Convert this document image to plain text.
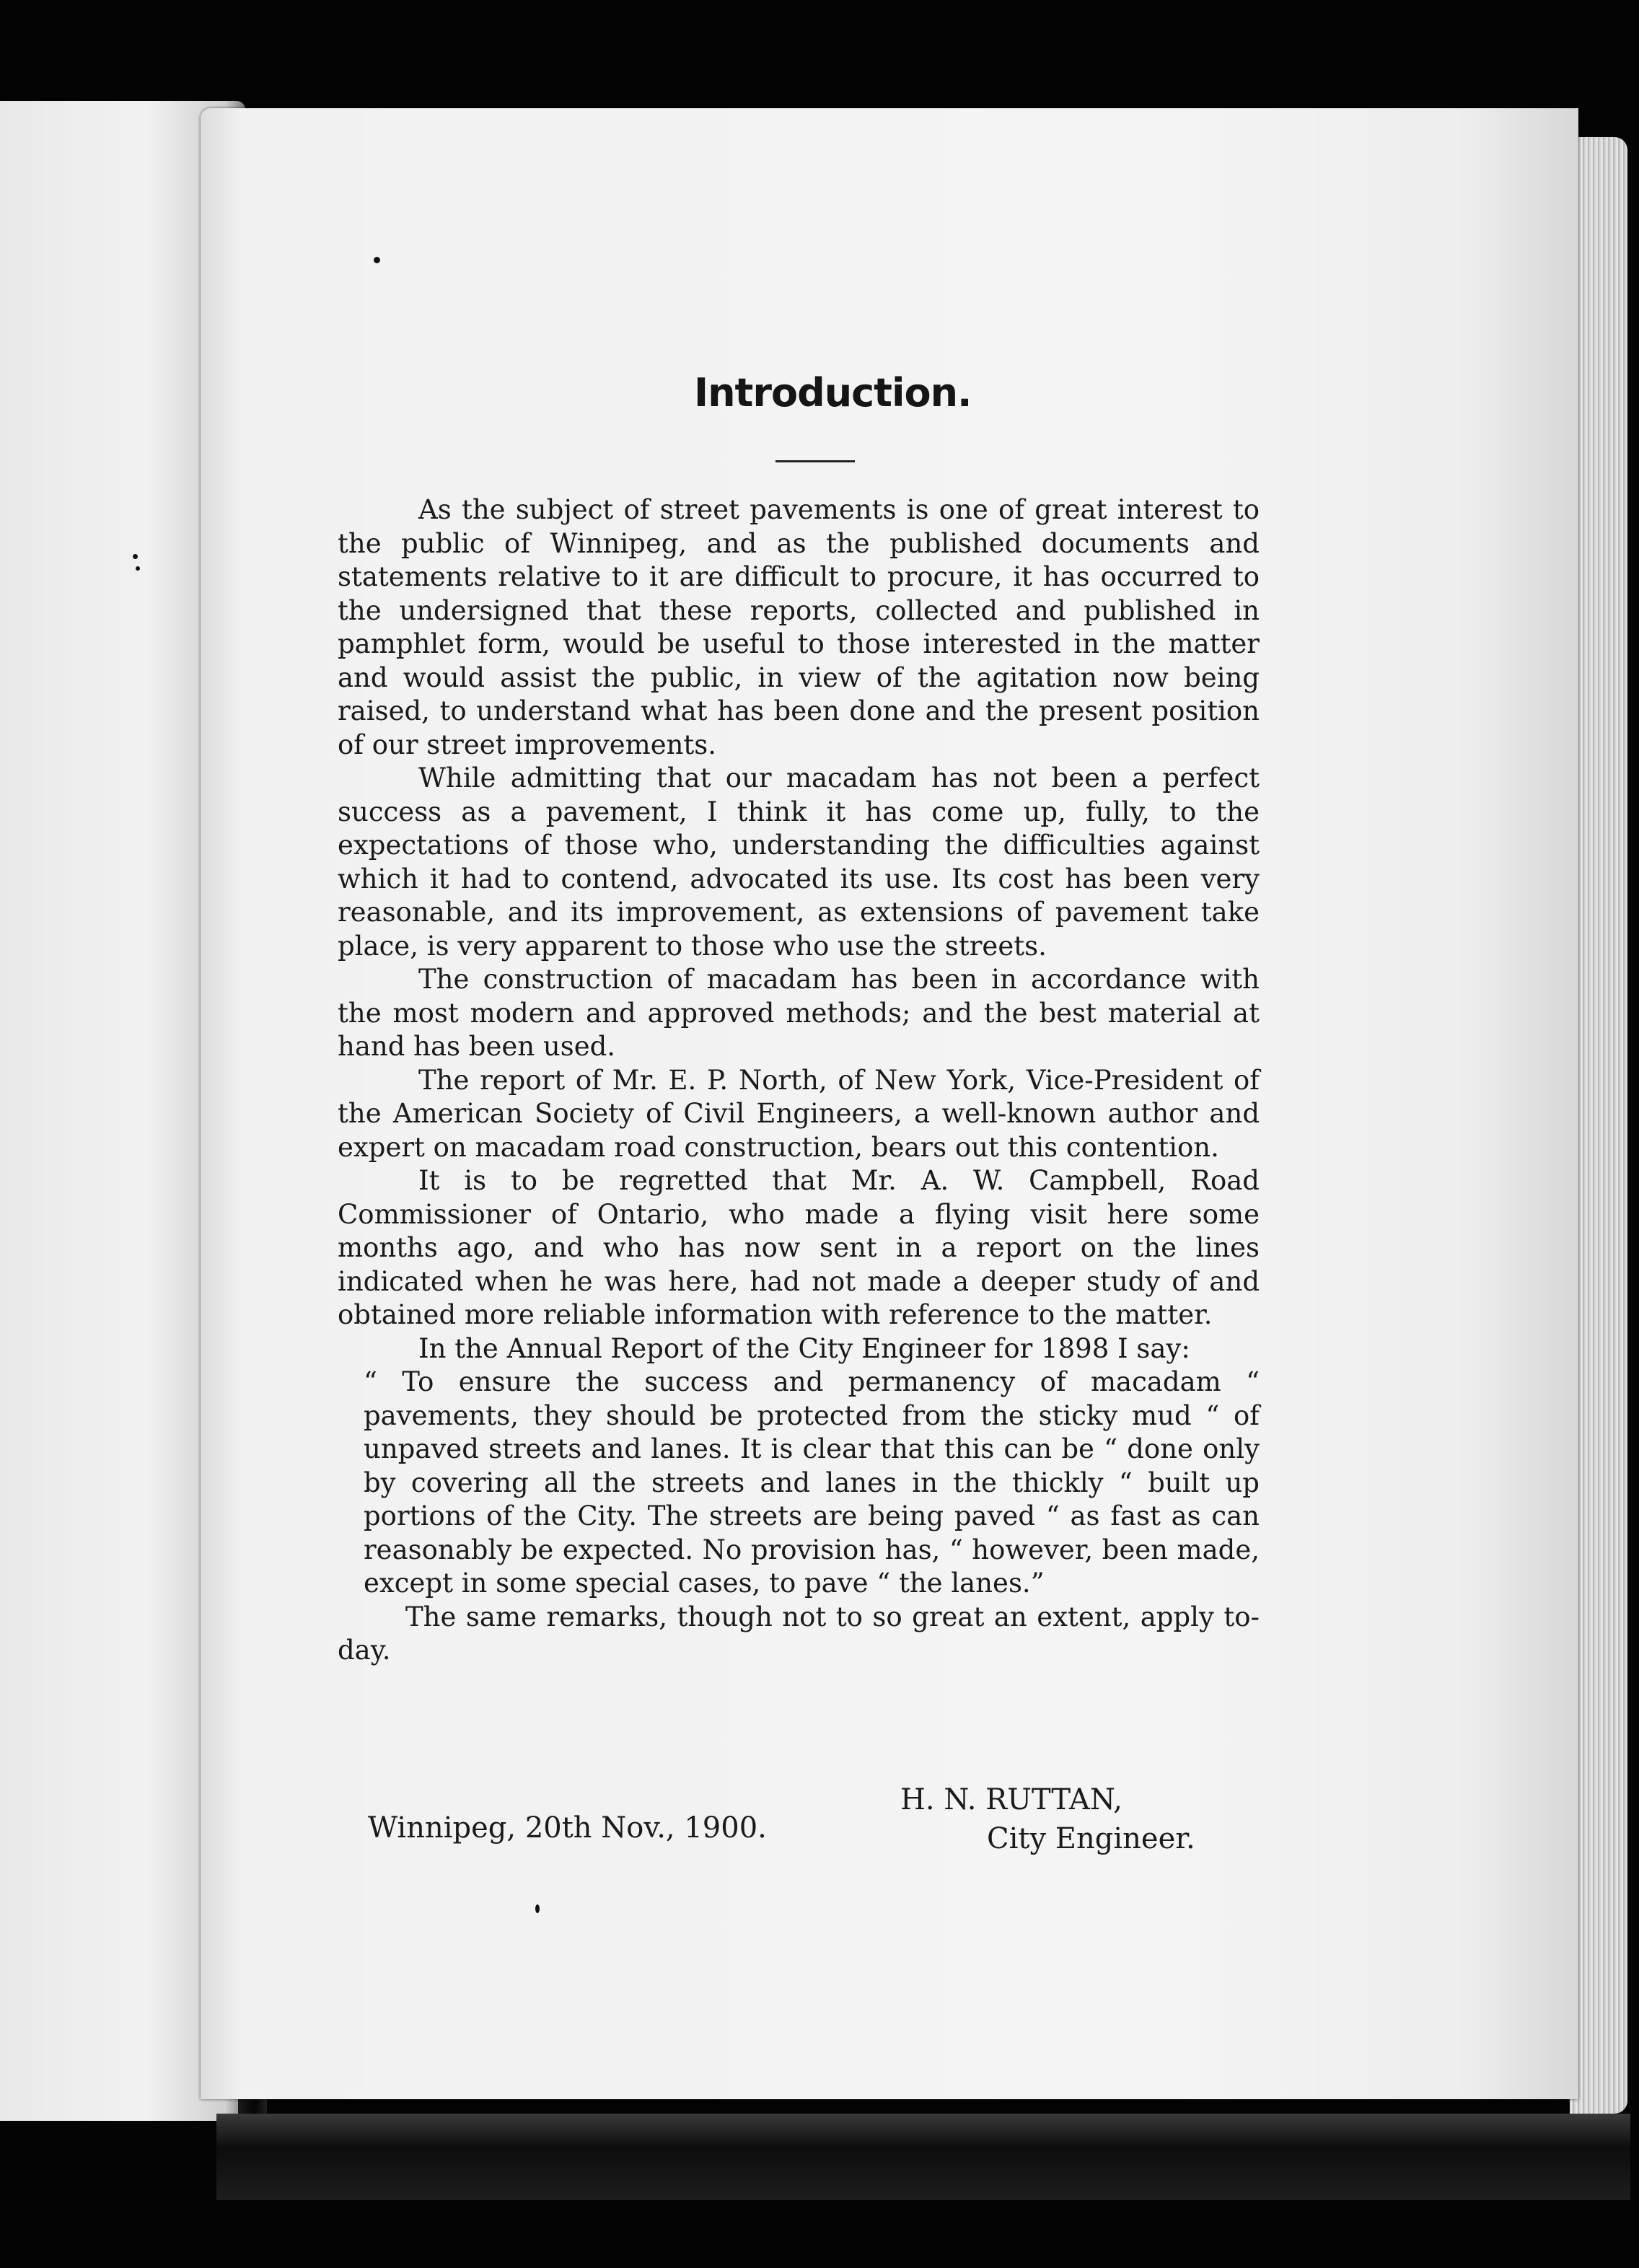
Introduction.

As the subject of street pavements is one of great interest to the public of Winnipeg, and as the published documents and statements relative to it are difficult to procure, it has occurred to the undersigned that these reports, collected and published in pamphlet form, would be useful to those interested in the matter and would assist the public, in view of the agitation now being raised, to understand what has been done and the present position of our street improvements.

While admitting that our macadam has not been a perfect success as a pavement, I think it has come up, fully, to the expectations of those who, understanding the difficulties against which it had to contend, advocated its use. Its cost has been very reasonable, and its improvement, as extensions of pavement take place, is very apparent to those who use the streets.

The construction of macadam has been in accordance with the most modern and approved methods; and the best material at hand has been used.

The report of Mr. E. P. North, of New York, Vice-President of the American Society of Civil Engineers, a well-known author and expert on macadam road construction, bears out this contention.

It is to be regretted that Mr. A. W. Campbell, Road Commissioner of Ontario, who made a flying visit here some months ago, and who has now sent in a report on the lines indicated when he was here, had not made a deeper study of and obtained more reliable information with reference to the matter.

In the Annual Report of the City Engineer for 1898 I say:

“ To ensure the success and permanency of macadam “ pavements, they should be protected from the sticky mud “ of unpaved streets and lanes. It is clear that this can be “ done only by covering all the streets and lanes in the thickly “ built up portions of the City. The streets are being paved “ as fast as can reasonably be expected. No provision has, “ however, been made, except in some special cases, to pave “ the lanes.”

The same remarks, though not to so great an extent, apply to-day.

Winnipeg, 20th Nov., 1900.
H. N. RUTTAN,
City Engineer.
